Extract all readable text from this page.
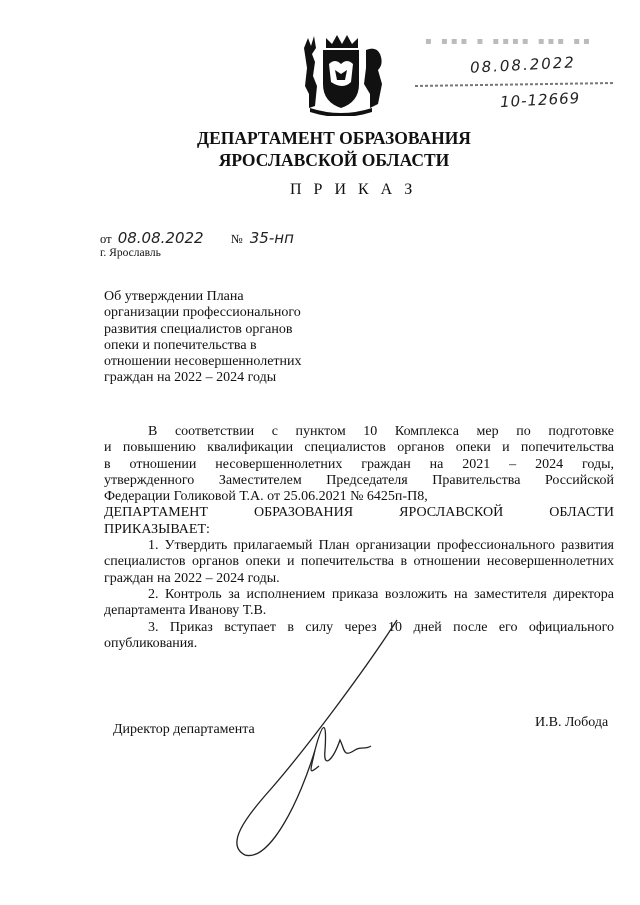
▪ ▪▪▪ ▪ ▪▪▪▪ ▪▪▪ ▪▪
08.08.2022
10-12669
ДЕПАРТАМЕНТ ОБРАЗОВАНИЯ
ЯРОСЛАВСКОЙ ОБЛАСТИ
П Р И К А З
от 08.08.2022 № 35-нп
г. Ярославль
Об утверждении Плана
организации профессионального
развития специалистов органов
опеки и попечительства в
отношении несовершеннолетних
граждан на 2022 – 2024 годы
В соответствии с пунктом 10 Комплекса мер по подготовке
и повышению квалификации специалистов органов опеки и попечительства
в отношении несовершеннолетних граждан на 2021 – 2024 годы,
утвержденного Заместителем Председателя Правительства Российской
Федерации Голиковой Т.А. от 25.06.2021 № 6425п-П8,
ДЕПАРТАМЕНТ ОБРАЗОВАНИЯ ЯРОСЛАВСКОЙ ОБЛАСТИ
ПРИКАЗЫВАЕТ:
1. Утвердить прилагаемый План организации профессионального развития специалистов органов опеки и попечительства в отношении несовершеннолетних граждан на 2022 – 2024 годы.
2. Контроль за исполнением приказа возложить на заместителя директора департамента Иванову Т.В.
3. Приказ вступает в силу через 10 дней после его официального опубликования.
Директор департамента	И.В. Лобода
